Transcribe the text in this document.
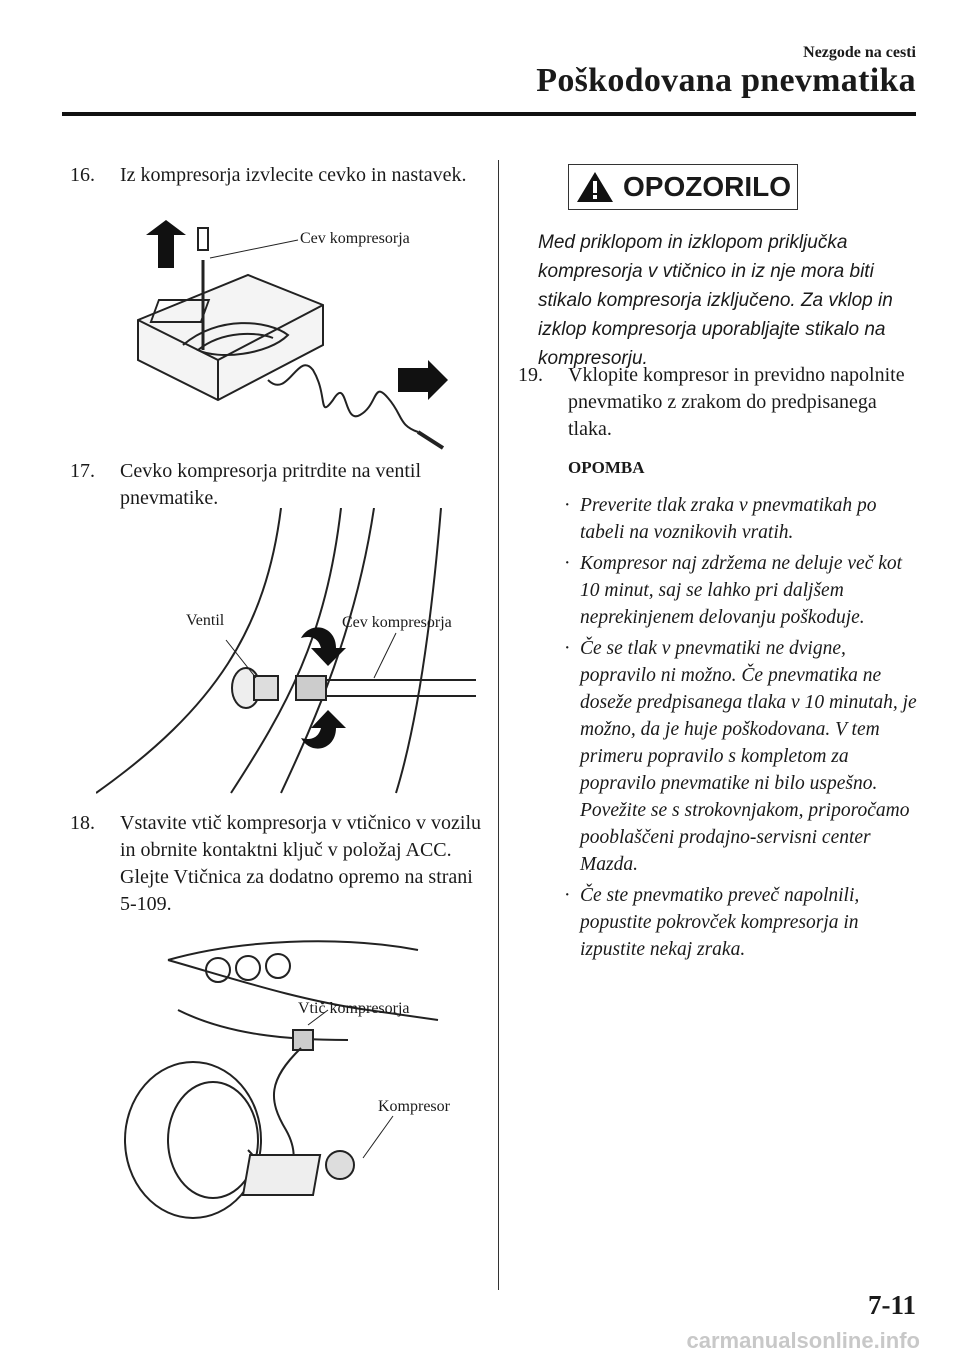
Nezgode na cesti
Poškodovana pnevmatika
16.	Iz kompresorja izvlecite cevko in nastavek.
Cev kompresorja
17.	Cevko kompresorja pritrdite na ventil pnevmatike.
Ventil	Cev kompresorja
18.	Vstavite vtič kompresorja v vtičnico v vozilu in obrnite kontaktni ključ v položaj ACC.
Glejte Vtičnica za dodatno opremo na strani 5-109.
Vtič kompresorja
Kompresor
OPOZORILO
Med priklopom in izklopom priključka kompresorja v vtičnico in iz nje mora biti stikalo kompresorja izključeno. Za vklop in izklop kompresorja uporabljajte stikalo na kompresorju.
19.	Vklopite kompresor in previdno napolnite pnevmatiko z zrakom do predpisanega tlaka.
OPOMBA
· Preverite tlak zraka v pnevmatikah po tabeli na voznikovih vratih.
· Kompresor naj zdržema ne deluje več kot 10 minut, saj se lahko pri daljšem neprekinjenem delovanju poškoduje.
· Če se tlak v pnevmatiki ne dvigne, popravilo ni možno. Če pnevmatika ne doseže predpisanega tlaka v 10 minutah, je možno, da je huje poškodovana. V tem primeru popravilo s kompletom za popravilo pnevmatike ni bilo uspešno. Povežite se s strokovnjakom, priporočamo pooblaščeni prodajno-servisni center Mazda.
· Če ste pnevmatiko preveč napolnili, popustite pokrovček kompresorja in izpustite nekaj zraka.
7-11
carmanualsonline.info
